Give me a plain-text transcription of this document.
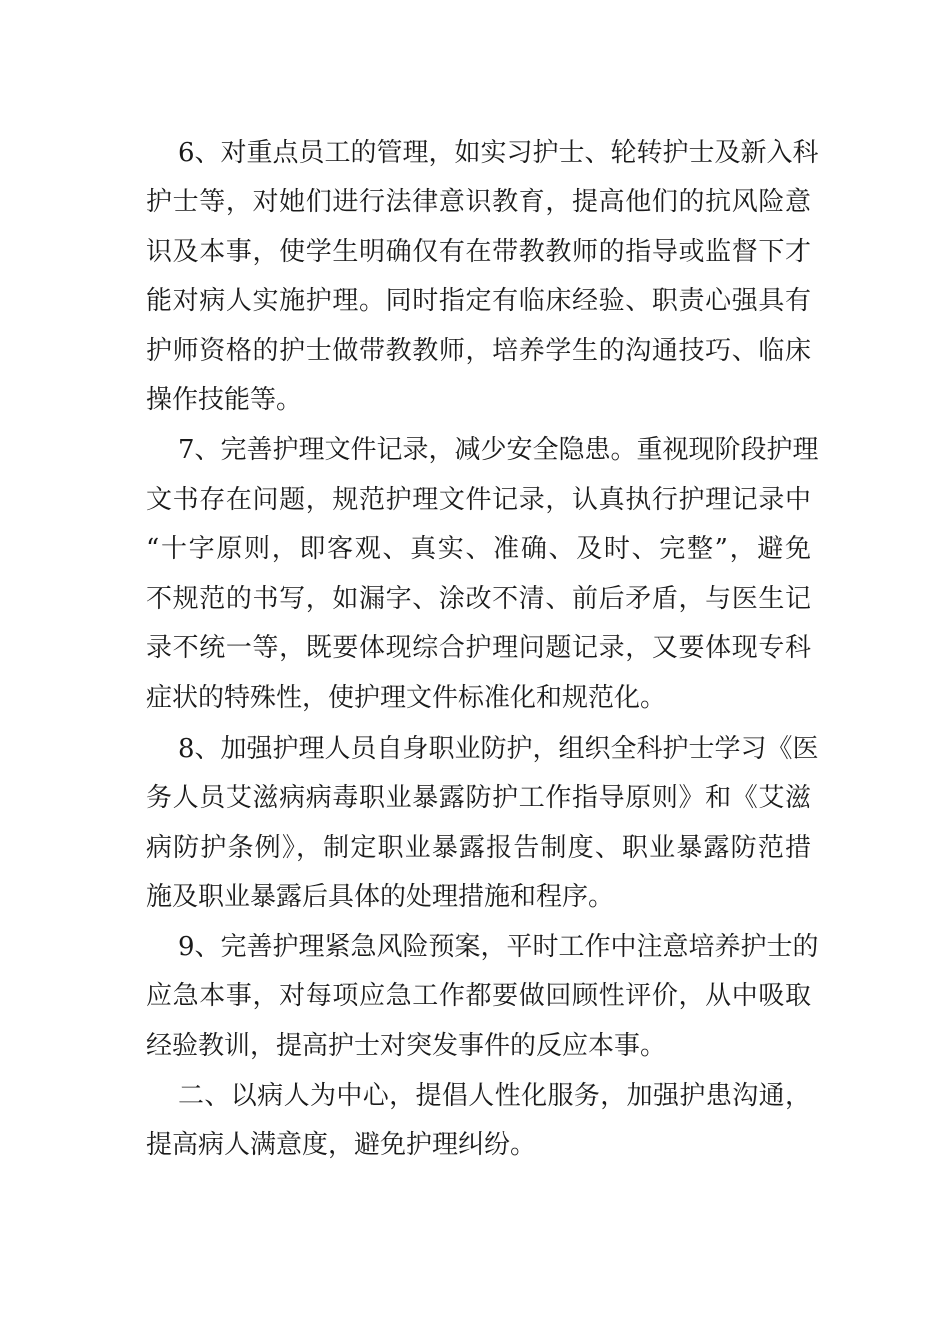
6、对重点员工的管理，如实习护士、轮转护士及新入科
护士等，对她们进行法律意识教育，提高他们的抗风险意
识及本事，使学生明确仅有在带教教师的指导或监督下才
能对病人实施护理。同时指定有临床经验、职责心强具有
护师资格的护士做带教教师，培养学生的沟通技巧、临床
操作技能等。
7、完善护理文件记录，减少安全隐患。重视现阶段护理
文书存在问题，规范护理文件记录，认真执行护理记录中
“十字原则，即客观、真实、准确、及时、完整”，避免
不规范的书写，如漏字、涂改不清、前后矛盾，与医生记
录不统一等，既要体现综合护理问题记录，又要体现专科
症状的特殊性，使护理文件标准化和规范化。
8、加强护理人员自身职业防护，组织全科护士学习《医
务人员艾滋病病毒职业暴露防护工作指导原则》和《艾滋
病防护条例》，制定职业暴露报告制度、职业暴露防范措
施及职业暴露后具体的处理措施和程序。
9、完善护理紧急风险预案，平时工作中注意培养护士的
应急本事，对每项应急工作都要做回顾性评价，从中吸取
经验教训，提高护士对突发事件的反应本事。
二、以病人为中心，提倡人性化服务，加强护患沟通，
提高病人满意度，避免护理纠纷。
